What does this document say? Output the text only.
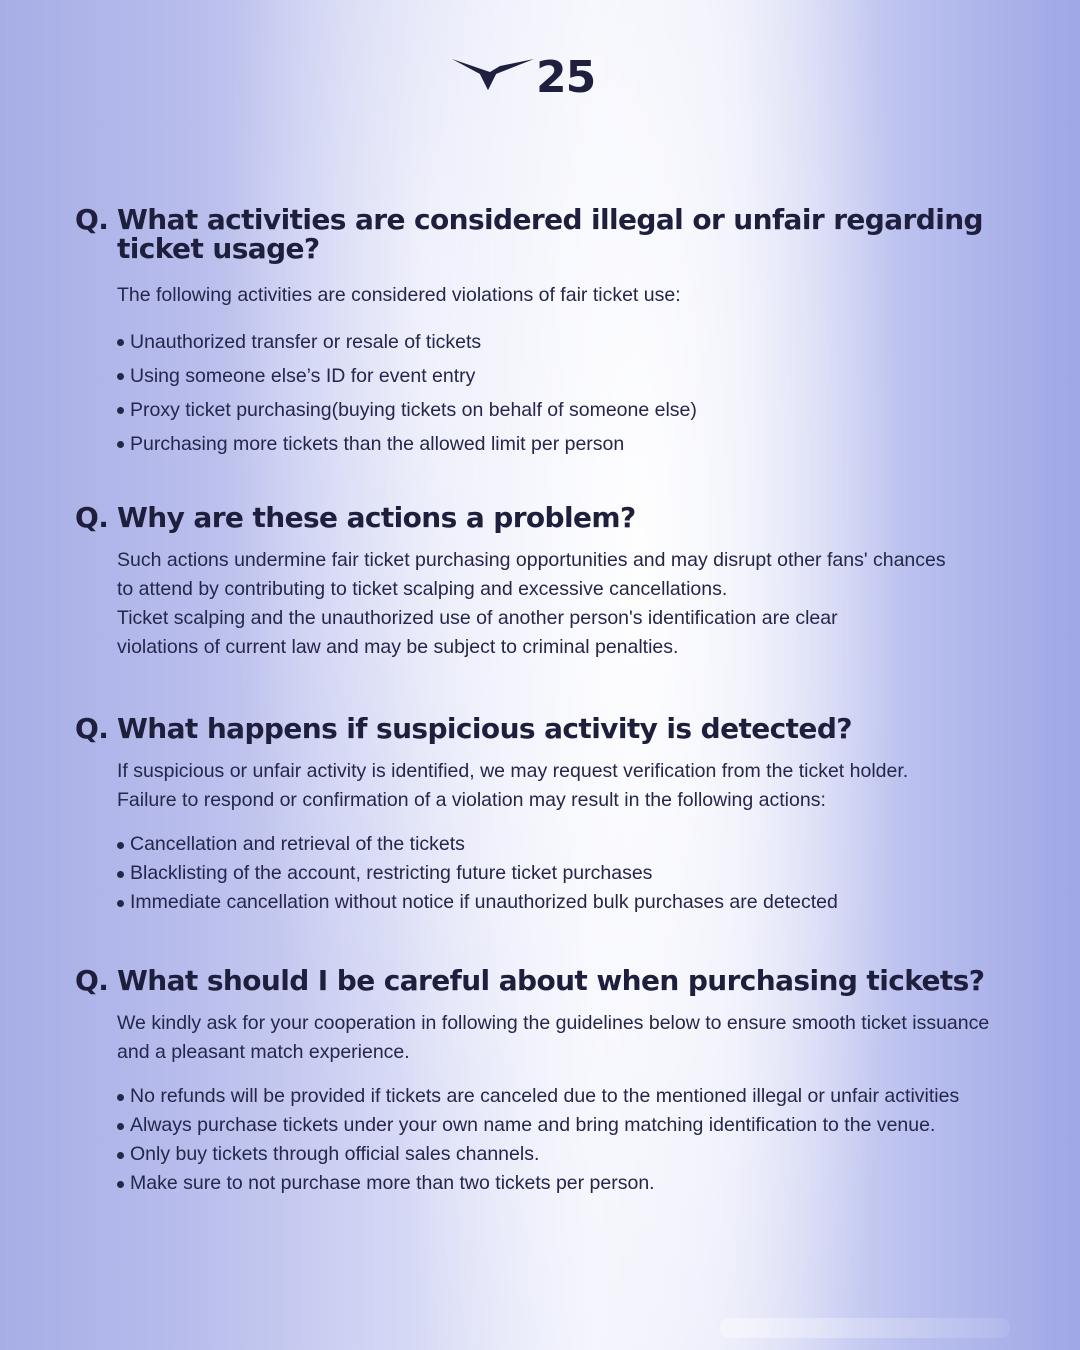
25
Q. What activities are considered illegal or unfair regarding ticket usage?

The following activities are considered violations of fair ticket use:

Unauthorized transfer or resale of tickets
Using someone else’s ID for event entry
Proxy ticket purchasing(buying tickets on behalf of someone else)
Purchasing more tickets than the allowed limit per person
Q. Why are these actions a problem?

Such actions undermine fair ticket purchasing opportunities and may disrupt other fans' chances

to attend by contributing to ticket scalping and excessive cancellations.

Ticket scalping and the unauthorized use of another person's identification are clear

violations of current law and may be subject to criminal penalties.

Q. What happens if suspicious activity is detected?

If suspicious or unfair activity is identified, we may request verification from the ticket holder.

Failure to respond or confirmation of a violation may result in the following actions:

Cancellation and retrieval of the tickets
Blacklisting of the account, restricting future ticket purchases
Immediate cancellation without notice if unauthorized bulk purchases are detected
Q. What should I be careful about when purchasing tickets?

We kindly ask for your cooperation in following the guidelines below to ensure smooth ticket issuance

and a pleasant match experience.

No refunds will be provided if tickets are canceled due to the mentioned illegal or unfair activities
Always purchase tickets under your own name and bring matching identification to the venue.
Only buy tickets through official sales channels.
Make sure to not purchase more than two tickets per person.
